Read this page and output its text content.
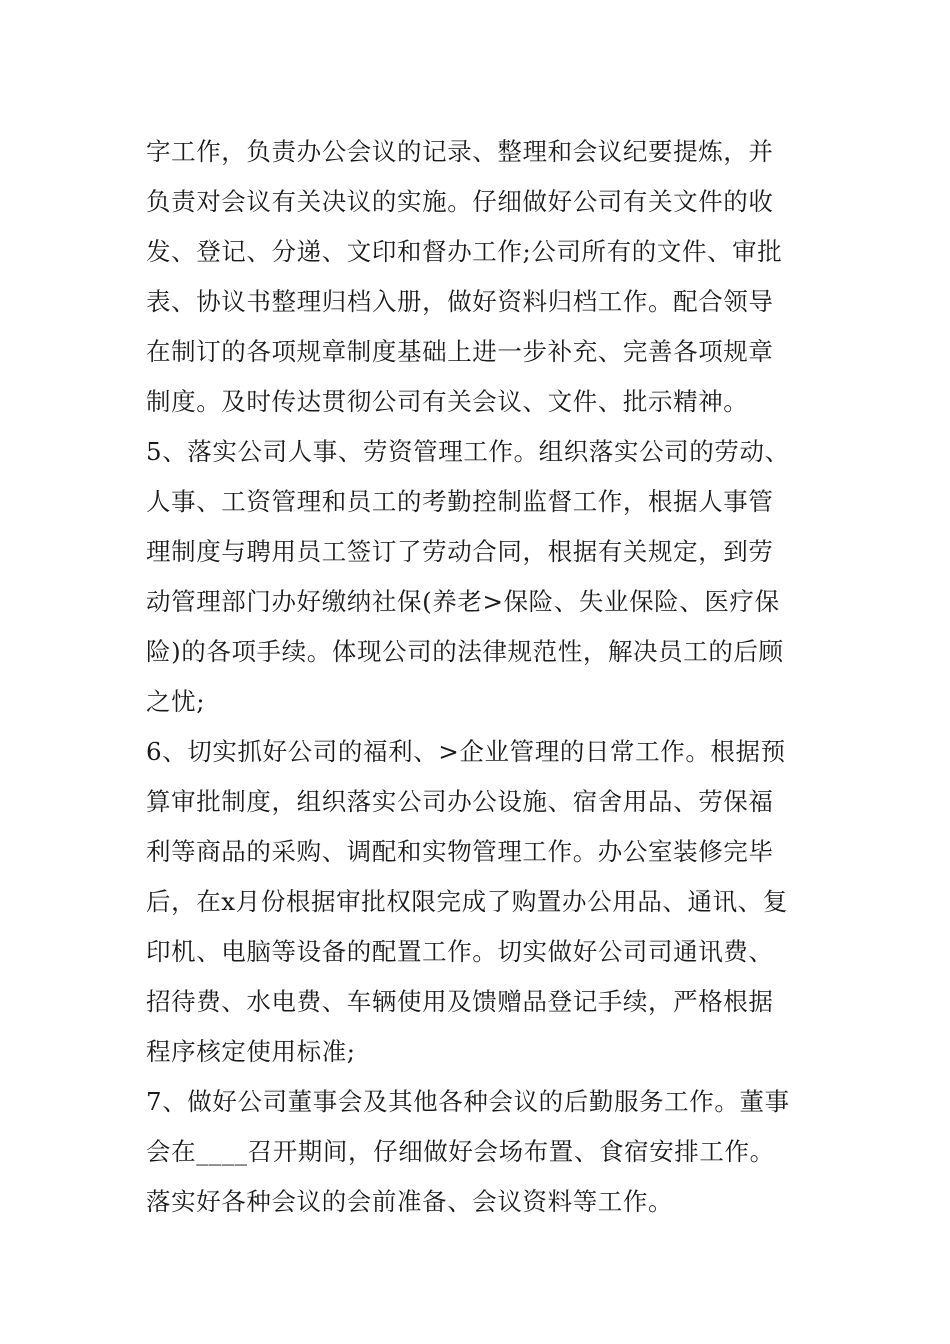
字工作，负责办公会议的记录、整理和会议纪要提炼，并
负责对会议有关决议的实施。仔细做好公司有关文件的收
发、登记、分递、文印和督办工作;公司所有的文件、审批
表、协议书整理归档入册，做好资料归档工作。配合领导
在制订的各项规章制度基础上进一步补充、完善各项规章
制度。及时传达贯彻公司有关会议、文件、批示精神。
5、落实公司人事、劳资管理工作。组织落实公司的劳动、
人事、工资管理和员工的考勤控制监督工作，根据人事管
理制度与聘用员工签订了劳动合同，根据有关规定，到劳
动管理部门办好缴纳社保(养老>保险、失业保险、医疗保
险)的各项手续。体现公司的法律规范性，解决员工的后顾
之忧;
6、切实抓好公司的福利、>企业管理的日常工作。根据预
算审批制度，组织落实公司办公设施、宿舍用品、劳保福
利等商品的采购、调配和实物管理工作。办公室装修完毕
后，在x月份根据审批权限完成了购置办公用品、通讯、复
印机、电脑等设备的配置工作。切实做好公司司通讯费、
招待费、水电费、车辆使用及馈赠品登记手续，严格根据
程序核定使用标准;
7、做好公司董事会及其他各种会议的后勤服务工作。董事
会在____召开期间，仔细做好会场布置、食宿安排工作。
落实好各种会议的会前准备、会议资料等工作。
